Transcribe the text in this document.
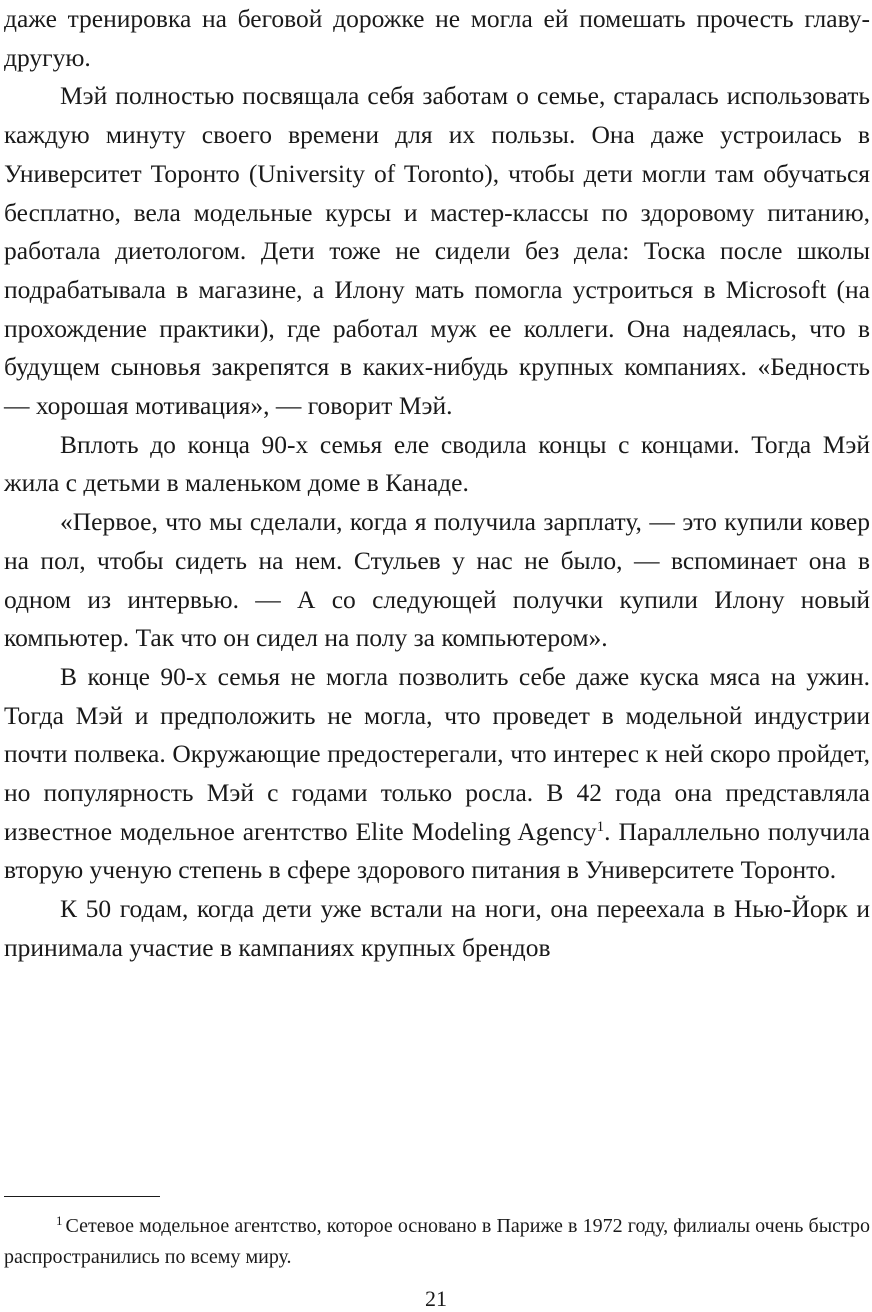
даже тренировка на беговой дорожке не могла ей помешать прочесть главу-другую.

Мэй полностью посвящала себя заботам о семье, старалась использовать каждую минуту своего времени для их пользы. Она даже устроилась в Университет Торонто (University of Toronto), чтобы дети могли там обучаться бесплатно, вела модельные курсы и мастер-классы по здоровому питанию, работала диетологом. Дети тоже не сидели без дела: Тоска после школы подрабатывала в магазине, а Илону мать помогла устроиться в Microsoft (на прохождение практики), где работал муж ее коллеги. Она надеялась, что в будущем сыновья закрепятся в каких-нибудь крупных компаниях. «Бедность — хорошая мотивация», — говорит Мэй.

Вплоть до конца 90-х семья еле сводила концы с концами. Тогда Мэй жила с детьми в маленьком доме в Канаде.

«Первое, что мы сделали, когда я получила зарплату, — это купили ковер на пол, чтобы сидеть на нем. Стульев у нас не было, — вспоминает она в одном из интервью. — А со следующей получки купили Илону новый компьютер. Так что он сидел на полу за компьютером».

В конце 90-х семья не могла позволить себе даже куска мяса на ужин. Тогда Мэй и предположить не могла, что проведет в модельной индустрии почти полвека. Окружающие предостерегали, что интерес к ней скоро пройдет, но популярность Мэй с годами только росла. В 42 года она представляла известное модельное агентство Elite Modeling Agency$^1$. Параллельно получила вторую ученую степень в сфере здорового питания в Университете Торонто.

К 50 годам, когда дети уже встали на ноги, она переехала в Нью-Йорк и принимала участие в кампаниях крупных брендов

$^1$ Сетевое модельное агентство, которое основано в Париже в 1972 году, филиалы очень быстро распространились по всему миру.

21
